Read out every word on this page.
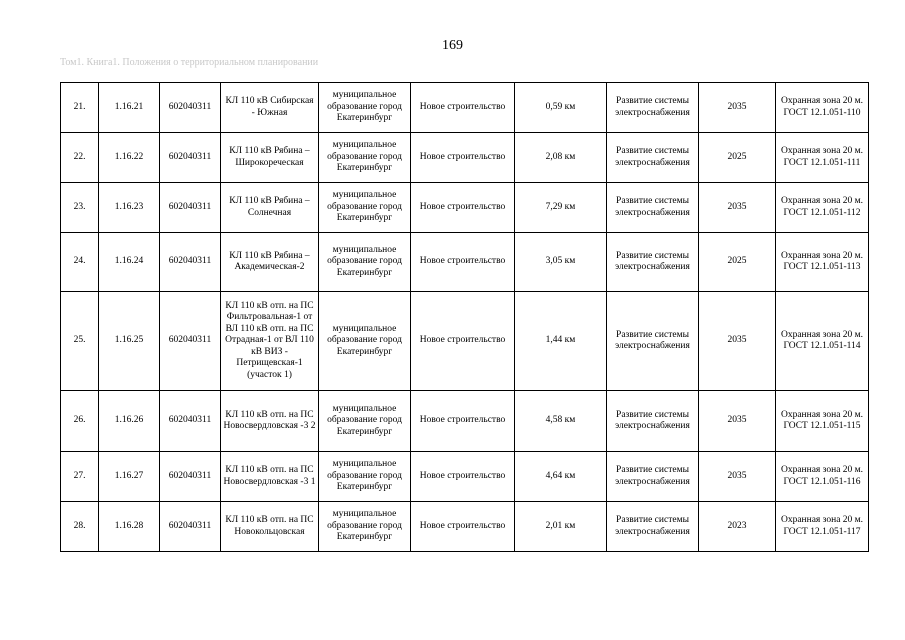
169
Том1. Книга1. Положения о территориальном планировании
21.	1.16.21	602040311	КЛ 110 кВ Сибирская - Южная	муниципальное образование город Екатеринбург	Новое строительство	0,59 км	Развитие системы электроснабжения	2035	Охранная зона 20 м. ГОСТ 12.1.051-110
22.	1.16.22	602040311	КЛ 110 кВ Рябина – Широкореческая	муниципальное образование город Екатеринбург	Новое строительство	2,08 км	Развитие системы электроснабжения	2025	Охранная зона 20 м. ГОСТ 12.1.051-111
23.	1.16.23	602040311	КЛ 110 кВ Рябина – Солнечная	муниципальное образование город Екатеринбург	Новое строительство	7,29 км	Развитие системы электроснабжения	2035	Охранная зона 20 м. ГОСТ 12.1.051-112
24.	1.16.24	602040311	КЛ 110 кВ Рябина – Академическая-2	муниципальное образование город Екатеринбург	Новое строительство	3,05 км	Развитие системы электроснабжения	2025	Охранная зона 20 м. ГОСТ 12.1.051-113
25.	1.16.25	602040311	КЛ 110 кВ отп. на ПС Фильтровальная-1 от ВЛ 110 кВ отп. на ПС Отрадная-1 от ВЛ 110 кВ ВИЗ - Петрищевская-1 (участок 1)	муниципальное образование город Екатеринбург	Новое строительство	1,44 км	Развитие системы электроснабжения	2035	Охранная зона 20 м. ГОСТ 12.1.051-114
26.	1.16.26	602040311	КЛ 110 кВ отп. на ПС Новосвердловская -3 2	муниципальное образование город Екатеринбург	Новое строительство	4,58 км	Развитие системы электроснабжения	2035	Охранная зона 20 м. ГОСТ 12.1.051-115
27.	1.16.27	602040311	КЛ 110 кВ отп. на ПС Новосвердловская -3 1	муниципальное образование город Екатеринбург	Новое строительство	4,64 км	Развитие системы электроснабжения	2035	Охранная зона 20 м. ГОСТ 12.1.051-116
28.	1.16.28	602040311	КЛ 110 кВ отп. на ПС Новокольцовская	муниципальное образование город Екатеринбург	Новое строительство	2,01 км	Развитие системы электроснабжения	2023	Охранная зона 20 м. ГОСТ 12.1.051-117
